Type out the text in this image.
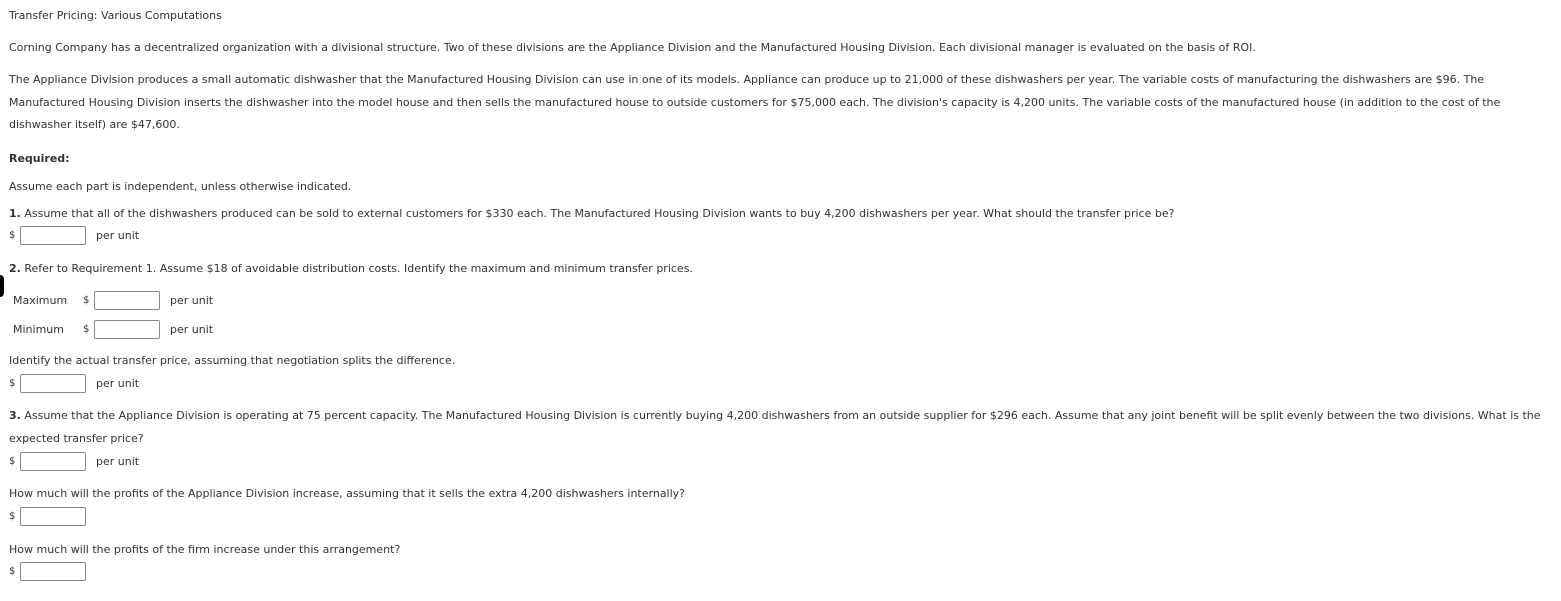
Transfer Pricing: Various Computations
Corning Company has a decentralized organization with a divisional structure. Two of these divisions are the Appliance Division and the Manufactured Housing Division. Each divisional manager is evaluated on the basis of ROI.
The Appliance Division produces a small automatic dishwasher that the Manufactured Housing Division can use in one of its models. Appliance can produce up to 21,000 of these dishwashers per year. The variable costs of manufacturing the dishwashers are $96. The Manufactured Housing Division inserts the dishwasher into the model house and then sells the manufactured house to outside customers for $75,000 each. The division's capacity is 4,200 units. The variable costs of the manufactured house (in addition to the cost of the dishwasher itself) are $47,600.
Required:
Assume each part is independent, unless otherwise indicated.
1. Assume that all of the dishwashers produced can be sold to external customers for $330 each. The Manufactured Housing Division wants to buy 4,200 dishwashers per year. What should the transfer price be?
$	per unit
2. Refer to Requirement 1. Assume $18 of avoidable distribution costs. Identify the maximum and minimum transfer prices.
Maximum	$	per unit
Minimum	$	per unit
Identify the actual transfer price, assuming that negotiation splits the difference.
$	per unit
3. Assume that the Appliance Division is operating at 75 percent capacity. The Manufactured Housing Division is currently buying 4,200 dishwashers from an outside supplier for $296 each. Assume that any joint benefit will be split evenly between the two divisions. What is the expected transfer price?
$	per unit
How much will the profits of the Appliance Division increase, assuming that it sells the extra 4,200 dishwashers internally?
$
How much will the profits of the firm increase under this arrangement?
$
